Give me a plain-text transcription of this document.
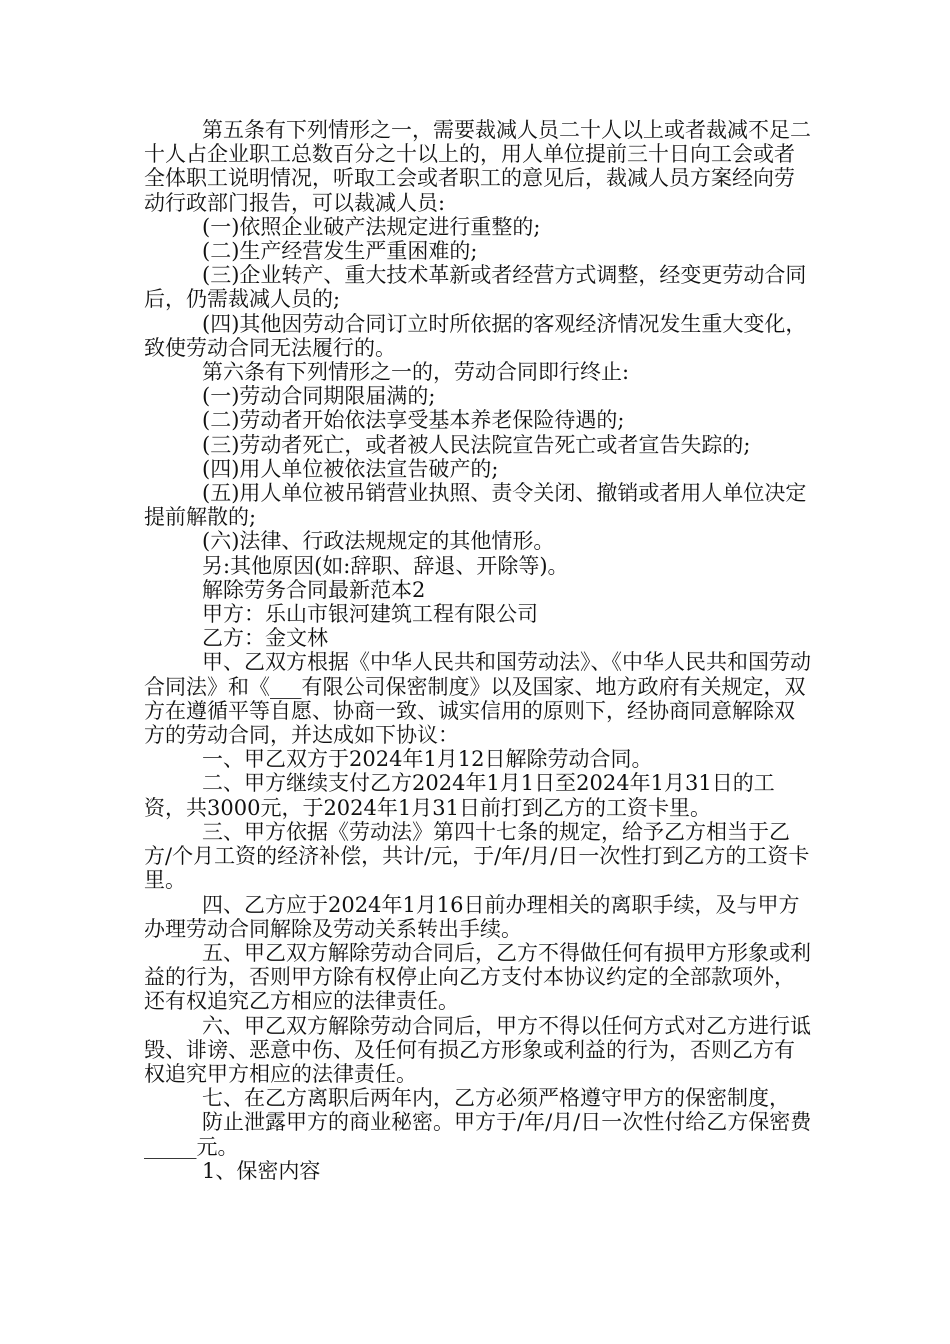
第五条有下列情形之一，需要裁减人员二十人以上或者裁减不足二十人占企业职工总数百分之十以上的，用人单位提前三十日向工会或者全体职工说明情况，听取工会或者职工的意见后，裁减人员方案经向劳动行政部门报告，可以裁减人员:

(一)依照企业破产法规定进行重整的;

(二)生产经营发生严重困难的;

(三)企业转产、重大技术革新或者经营方式调整，经变更劳动合同后，仍需裁减人员的;

(四)其他因劳动合同订立时所依据的客观经济情况发生重大变化，致使劳动合同无法履行的。

第六条有下列情形之一的，劳动合同即行终止:

(一)劳动合同期限届满的;

(二)劳动者开始依法享受基本养老保险待遇的;

(三)劳动者死亡，或者被人民法院宣告死亡或者宣告失踪的;

(四)用人单位被依法宣告破产的;

(五)用人单位被吊销营业执照、责令关闭、撤销或者用人单位决定提前解散的;

(六)法律、行政法规规定的其他情形。

另:其他原因(如:辞职、辞退、开除等)。

解除劳务合同最新范本2

甲方：乐山市银河建筑工程有限公司

乙方：金文林

甲、乙双方根据《中华人民共和国劳动法》、《中华人民共和国劳动合同法》和《___有限公司保密制度》以及国家、地方政府有关规定，双方在遵循平等自愿、协商一致、诚实信用的原则下，经协商同意解除双方的劳动合同，并达成如下协议：

一、甲乙双方于2024年1月12日解除劳动合同。

二、甲方继续支付乙方2024年1月1日至2024年1月31日的工资，共3000元，于2024年1月31日前打到乙方的工资卡里。

三、甲方依据《劳动法》第四十七条的规定，给予乙方相当于乙方/个月工资的经济补偿，共计/元，于/年/月/日一次性打到乙方的工资卡里。

四、乙方应于2024年1月16日前办理相关的离职手续，及与甲方办理劳动合同解除及劳动关系转出手续。

五、甲乙双方解除劳动合同后，乙方不得做任何有损甲方形象或利益的行为，否则甲方除有权停止向乙方支付本协议约定的全部款项外，还有权追究乙方相应的法律责任。

六、甲乙双方解除劳动合同后，甲方不得以任何方式对乙方进行诋毁、诽谤、恶意中伤、及任何有损乙方形象或利益的行为，否则乙方有权追究甲方相应的法律责任。

七、在乙方离职后两年内，乙方必须严格遵守甲方的保密制度，

防止泄露甲方的商业秘密。甲方于/年/月/日一次性付给乙方保密费_____元。

1、保密内容
